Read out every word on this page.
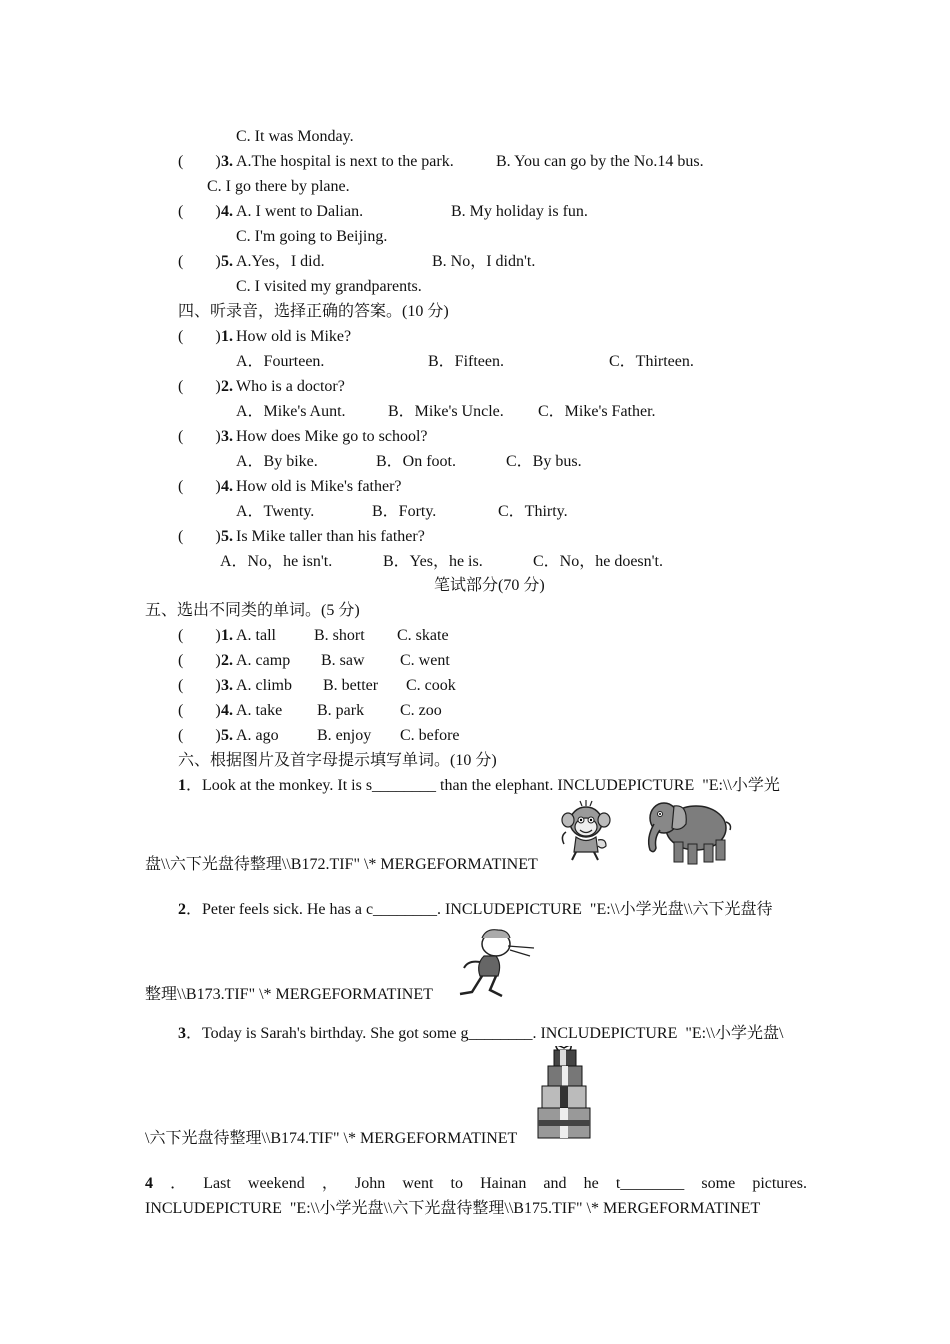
C. It was Monday.
(        ) 3. A.The hospital is next to the park.	B. You can go by the No.14 bus.
C. I go there by plane.
(        ) 4. A. I went to Dalian.	B. My holiday is fun.
C. I'm going to Beijing.
(        ) 5. A.Yes，I did.	B. No，I didn't.
C. I visited my grandparents.
四、听录音，选择正确的答案。(10 分)
(        ) 1. How old is Mike?
A．Fourteen.	B．Fifteen.	C．Thirteen.
(        ) 2. Who is a doctor?
A．Mike's Aunt.	B．Mike's Uncle. C．Mike's Father.
(        ) 3. How does Mike go to school?
A．By bike.	B．On foot.	C．By bus.
(        ) 4. How old is Mike's father?
A．Twenty.	B．Forty.	C．Thirty.
(        ) 5. Is Mike taller than his father?
A．No，he isn't.	B．Yes，he is.	C．No，he doesn't.
笔试部分(70 分)
五、选出不同类的单词。(5 分)
(        ) 1. A. tall B. short C. skate
(        ) 2. A. camp B. saw C. went
(        ) 3. A. climb B. better C. cook
(        ) 4. A. take B. park C. zoo
(        ) 5. A. ago B. enjoy C. before
六、根据图片及首字母提示填写单词。(10 分)
1．Look at the monkey. It is s________ than the elephant. INCLUDEPICTURE  "E:\\小学光
盘\\六下光盘待整理\\B172.TIF" \* MERGEFORMATINET
2．Peter feels sick. He has a c________. INCLUDEPICTURE  "E:\\小学光盘\\六下光盘待
整理\\B173.TIF" \* MERGEFORMATINET
3．Today is Sarah's birthday. She got some g________. INCLUDEPICTURE  "E:\\小学光盘\
\六下光盘待整理\\B174.TIF" \* MERGEFORMATINET
4 ． Last weekend ， John went to Hainan and he t________ some pictures.
INCLUDEPICTURE  "E:\\小学光盘\\六下光盘待整理\\B175.TIF" \* MERGEFORMATINET
